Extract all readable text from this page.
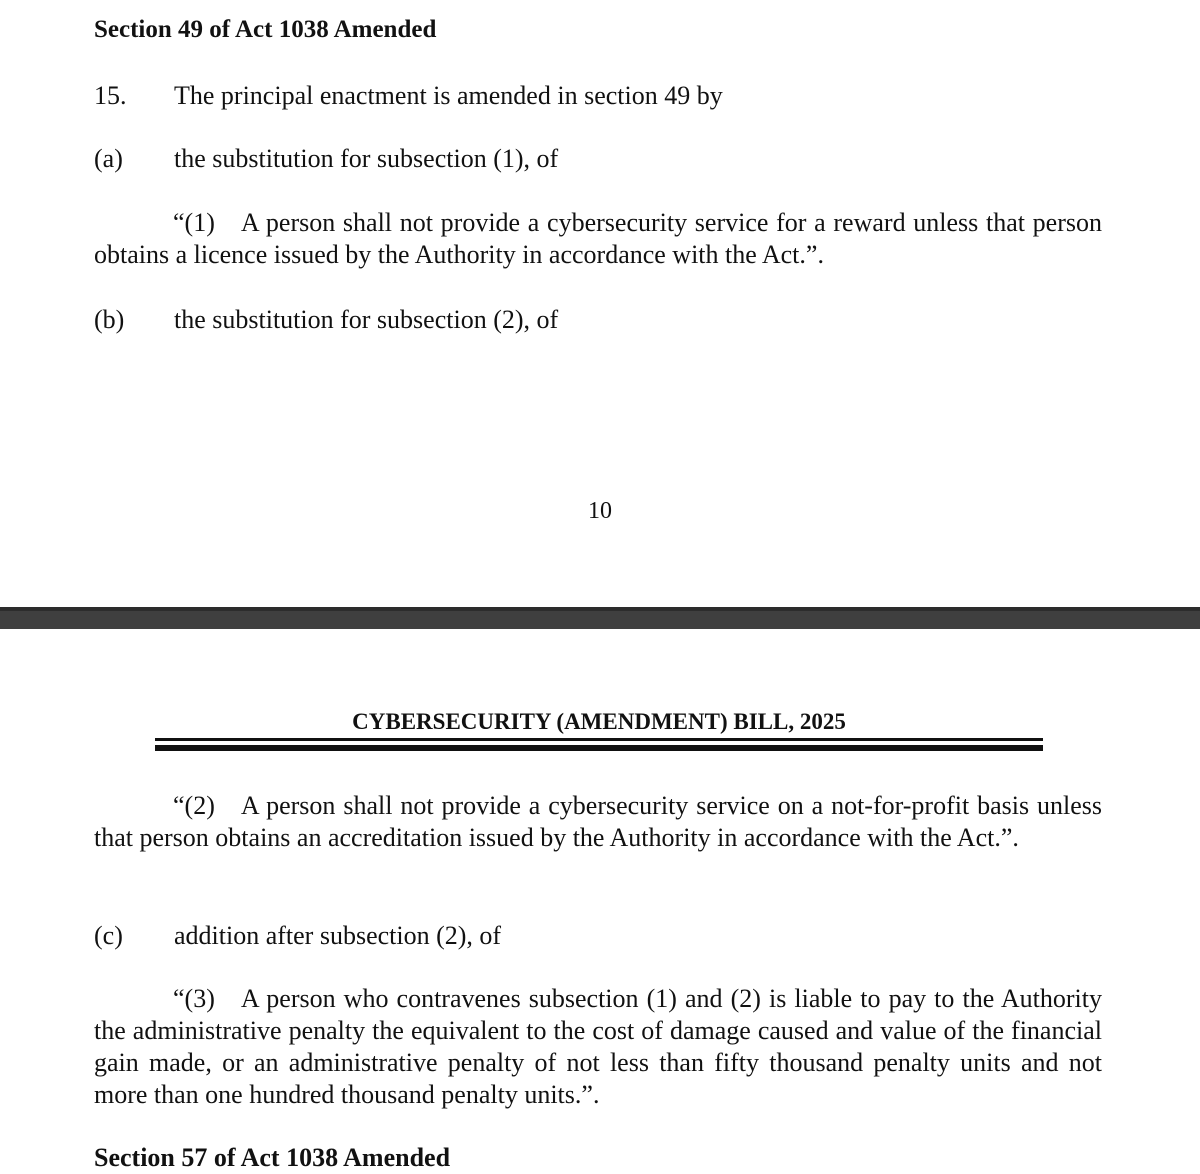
Section 49 of Act 1038 Amended
15. The principal enactment is amended in section 49 by
(a) the substitution for subsection (1), of
“(1) A person shall not provide a cybersecurity service for a reward unless that person obtains a licence issued by the Authority in accordance with the Act.”.
(b) the substitution for subsection (2), of
10
CYBERSECURITY (AMENDMENT) BILL, 2025
“(2) A person shall not provide a cybersecurity service on a not-for-profit basis unless that person obtains an accreditation issued by the Authority in accordance with the Act.”.
(c) addition after subsection (2), of
“(3) A person who contravenes subsection (1) and (2) is liable to pay to the Authority the administrative penalty the equivalent to the cost of damage caused and value of the financial gain made, or an administrative penalty of not less than fifty thousand penalty units and not more than one hundred thousand penalty units.”.
Section 57 of Act 1038 Amended
